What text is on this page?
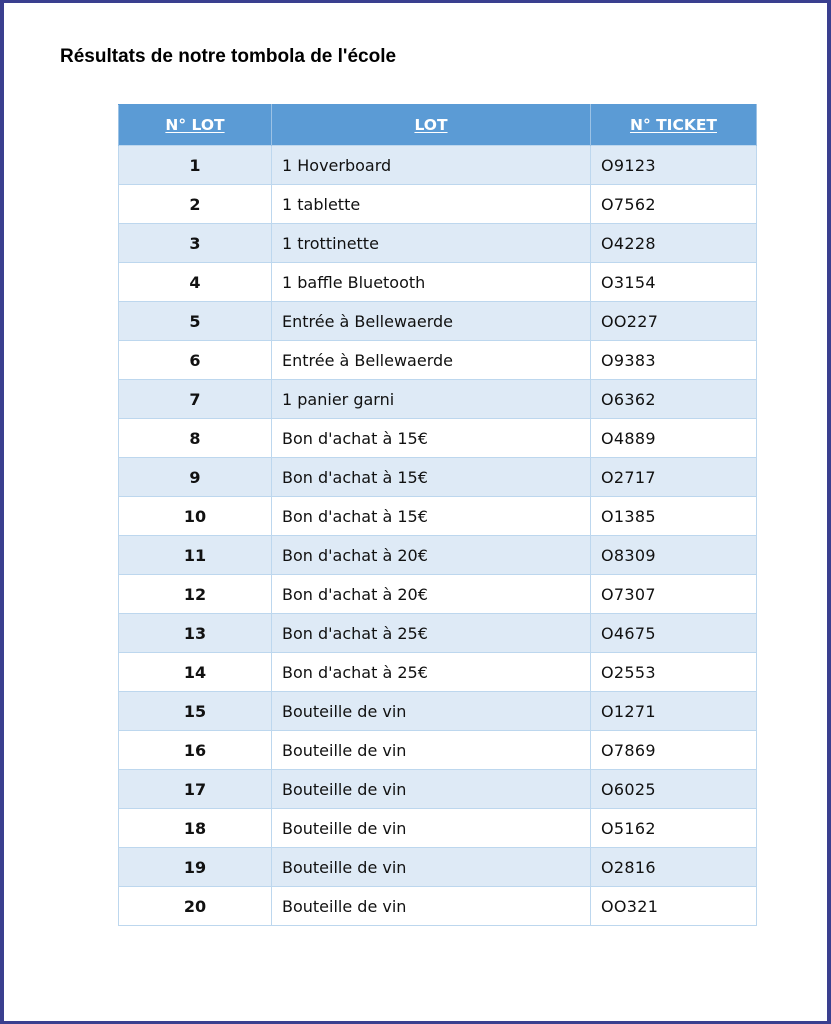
Résultats de notre tombola de l'école
N° LOT	LOT	N° TICKET
1	1 Hoverboard	O9123
2	1 tablette	O7562
3	1 trottinette	O4228
4	1 baffle Bluetooth	O3154
5	Entrée à Bellewaerde	OO227
6	Entrée à Bellewaerde	O9383
7	1 panier garni	O6362
8	Bon d'achat à 15€	O4889
9	Bon d'achat à 15€	O2717
10	Bon d'achat à 15€	O1385
11	Bon d'achat à 20€	O8309
12	Bon d'achat à 20€	O7307
13	Bon d'achat à 25€	O4675
14	Bon d'achat à 25€	O2553
15	Bouteille de vin	O1271
16	Bouteille de vin	O7869
17	Bouteille de vin	O6025
18	Bouteille de vin	O5162
19	Bouteille de vin	O2816
20	Bouteille de vin	OO321
